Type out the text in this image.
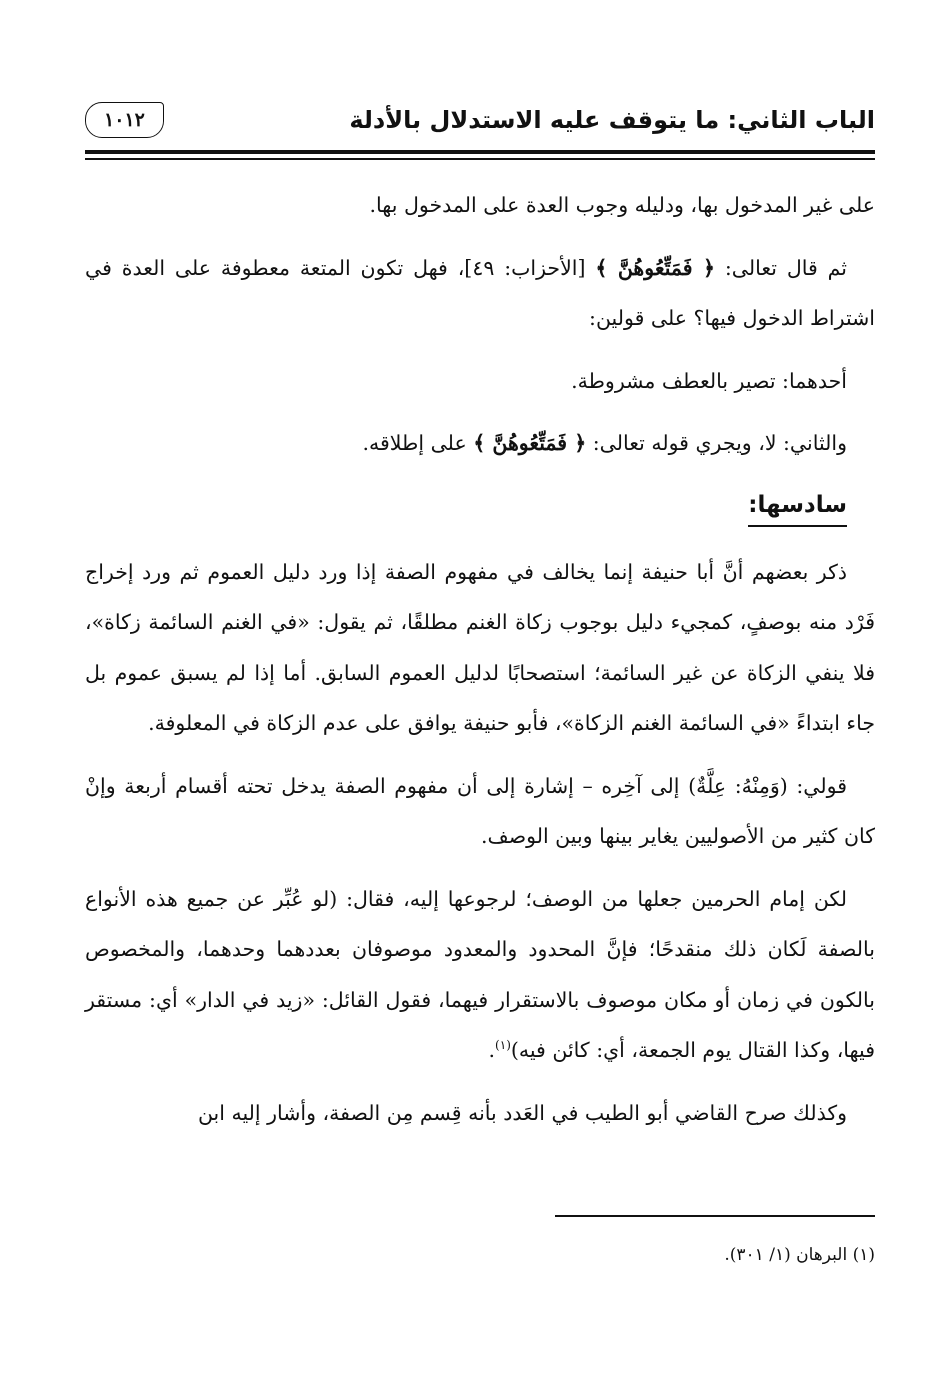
الباب الثاني: ما يتوقف عليه الاستدلال بالأدلة
١٠١٢

على غير المدخول بها، ودليله وجوب العدة على المدخول بها.

ثم قال تعالى: ﴿ فَمَتِّعُوهُنَّ ﴾ [الأحزاب: ٤٩]، فهل تكون المتعة معطوفة على العدة في اشتراط الدخول فيها؟ على قولين:

أحدهما: تصير بالعطف مشروطة.

والثاني: لا، ويجري قوله تعالى: ﴿ فَمَتِّعُوهُنَّ ﴾ على إطلاقه.

سادسها:

ذكر بعضهم أنَّ أبا حنيفة إنما يخالف في مفهوم الصفة إذا ورد دليل العموم ثم ورد إخراج فَرْد منه بوصفٍ، كمجيء دليل بوجوب زكاة الغنم مطلقًا، ثم يقول: «في الغنم السائمة زكاة»، فلا ينفي الزكاة عن غير السائمة؛ استصحابًا لدليل العموم السابق. أما إذا لم يسبق عموم بل جاء ابتداءً «في السائمة الغنم الزكاة»، فأبو حنيفة يوافق على عدم الزكاة في المعلوفة.

قولي: (وَمِنْهُ: عِلَّةٌ) إلى آخِره – إشارة إلى أن مفهوم الصفة يدخل تحته أقسام أربعة وإنْ كان كثير من الأصوليين يغاير بينها وبين الوصف.

لكن إمام الحرمين جعلها من الوصف؛ لرجوعها إليه، فقال: (لو عُبِّر عن جميع هذه الأنواع بالصفة لَكان ذلك منقدحًا؛ فإنَّ المحدود والمعدود موصوفان بعددهما وحدهما، والمخصوص بالكون في زمان أو مكان موصوف بالاستقرار فيهما، فقول القائل: «زيد في الدار» أي: مستقر فيها، وكذا القتال يوم الجمعة، أي: كائن فيه)$^{(١)}$.

وكذلك صرح القاضي أبو الطيب في العَدد بأنه قِسم مِن الصفة، وأشار إليه ابن

(١) البرهان (١/ ٣٠١).
